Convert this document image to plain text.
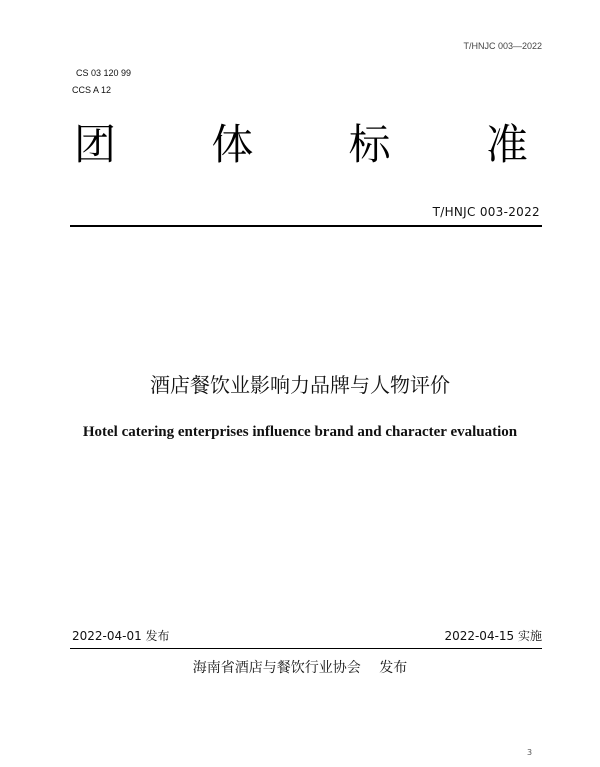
T/HNJC 003—2022
CS 03 120 99
CCS A 12
团 体 标 准
T/HNJC 003-2022
酒店餐饮业影响力品牌与人物评价
Hotel catering enterprises influence brand and character evaluation
2022-04-01 发布	2022-04-15 实施
海南省酒店与餐饮行业协会　 发布
3
